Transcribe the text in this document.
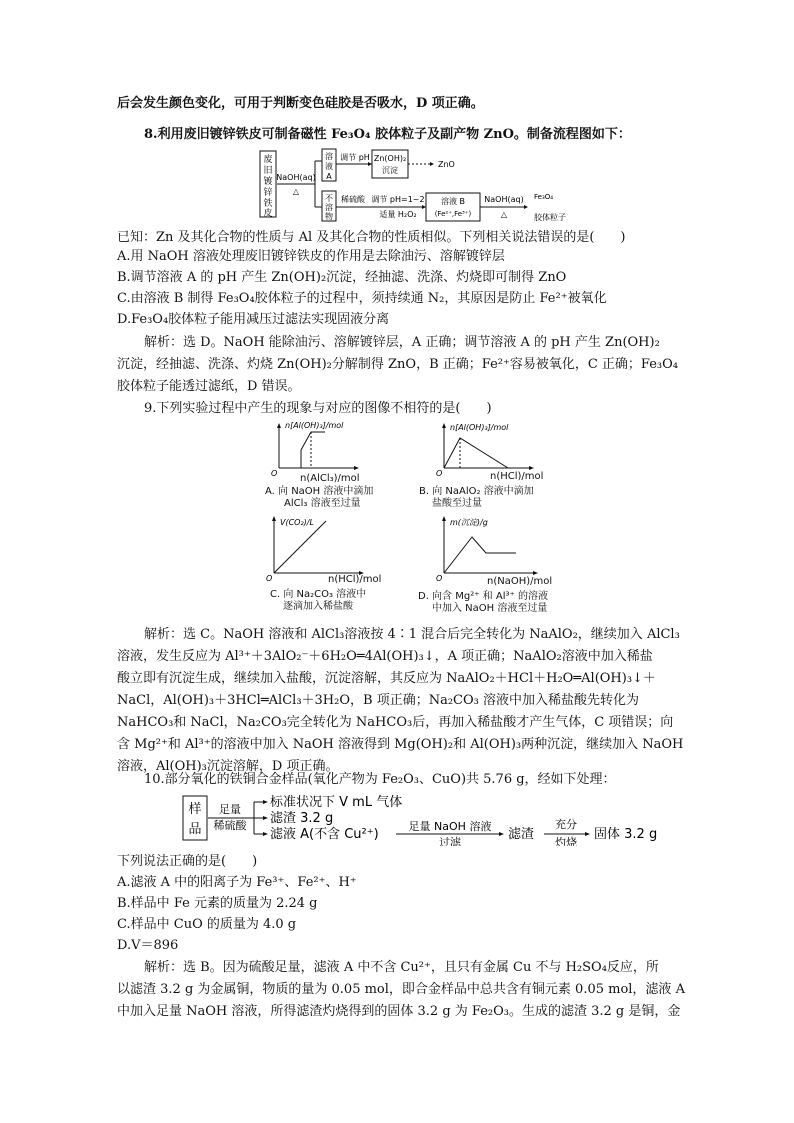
后会发生颜色变化，可用于判断变色硅胶是否吸水，D 项正确。
8.利用废旧镀锌铁皮可制备磁性 Fe₃O₄ 胶体粒子及副产物 ZnO。制备流程图如下：
废
旧
镀
锌
铁
皮
NaOH(aq)
△
溶
液
A
调节 pH Zn(OH)₂
沉淀
ZnO
不
溶
物
稀硫酸 调节 pH=1~2
适量 H₂O₂
溶液 B
(Fe²⁺,Fe³⁺)
NaOH(aq)
△
Fe₃O₄
胶体粒子
已知：Zn 及其化合物的性质与 Al 及其化合物的性质相似。下列相关说法错误的是(　　)
A.用 NaOH 溶液处理废旧镀锌铁皮的作用是去除油污、溶解镀锌层
B.调节溶液 A 的 pH 产生 Zn(OH)₂沉淀，经抽滤、洗涤、灼烧即可制得 ZnO
C.由溶液 B 制得 Fe₃O₄胶体粒子的过程中，须持续通 N₂，其原因是防止 Fe²⁺被氧化
D.Fe₃O₄胶体粒子能用减压过滤法实现固液分离
解析：选 D。NaOH 能除油污、溶解镀锌层，A 正确；调节溶液 A 的 pH 产生 Zn(OH)₂
沉淀，经抽滤、洗涤、灼烧 Zn(OH)₂分解制得 ZnO，B 正确；Fe²⁺容易被氧化，C 正确；Fe₃O₄
胶体粒子能透过滤纸，D 错误。
9.下列实验过程中产生的现象与对应的图像不相符的是(　　)
n[Al(OH)₃]/mol
O n(AlCl₃)/mol
A. 向 NaOH 溶液中滴加
AlCl₃ 溶液至过量
n[Al(OH)₃]/mol
O	n(HCl)/mol
B. 向 NaAlO₂ 溶液中滴加
盐酸至过量
V(CO₂)/L
O	n(HCl)/mol
C. 向 Na₂CO₃ 溶液中
逐滴加入稀盐酸
m(沉淀)/g
O	n(NaOH)/mol
D. 向含 Mg²⁺ 和 Al³⁺ 的溶液
中加入 NaOH 溶液至过量
解析：选 C。NaOH 溶液和 AlCl₃溶液按 4∶1 混合后完全转化为 NaAlO₂，继续加入 AlCl₃
溶液，发生反应为 Al³⁺＋3AlO₂⁻＋6H₂O═4Al(OH)₃↓，A 项正确；NaAlO₂溶液中加入稀盐
酸立即有沉淀生成，继续加入盐酸，沉淀溶解，其反应为 NaAlO₂＋HCl＋H₂O═Al(OH)₃↓＋
NaCl，Al(OH)₃＋3HCl═AlCl₃＋3H₂O，B 项正确；Na₂CO₃ 溶液中加入稀盐酸先转化为
NaHCO₃和 NaCl，Na₂CO₃完全转化为 NaHCO₃后，再加入稀盐酸才产生气体，C 项错误；向
含 Mg²⁺和 Al³⁺的溶液中加入 NaOH 溶液得到 Mg(OH)₂和 Al(OH)₃两种沉淀，继续加入 NaOH
溶液，Al(OH)₃沉淀溶解，D 项正确。
10.部分氧化的铁铜合金样品(氧化产物为 Fe₂O₃、CuO)共 5.76 g，经如下处理：
样
品
足量
稀硫酸
标准状况下 V mL 气体
滤渣 3.2 g
滤液 A(不含 Cu²⁺)
足量 NaOH 溶液
过滤
滤渣
充分
灼烧
固体 3.2 g
下列说法正确的是(　　)
A.滤液 A 中的阳离子为 Fe³⁺、Fe²⁺、H⁺
B.样品中 Fe 元素的质量为 2.24 g
C.样品中 CuO 的质量为 4.0 g
D.V＝896
解析：选 B。因为硫酸足量，滤液 A 中不含 Cu²⁺，且只有金属 Cu 不与 H₂SO₄反应，所
以滤渣 3.2 g 为金属铜，物质的量为 0.05 mol，即合金样品中总共含有铜元素 0.05 mol，滤液 A
中加入足量 NaOH 溶液，所得滤渣灼烧得到的固体 3.2 g 为 Fe₂O₃。生成的滤渣 3.2 g 是铜，金
